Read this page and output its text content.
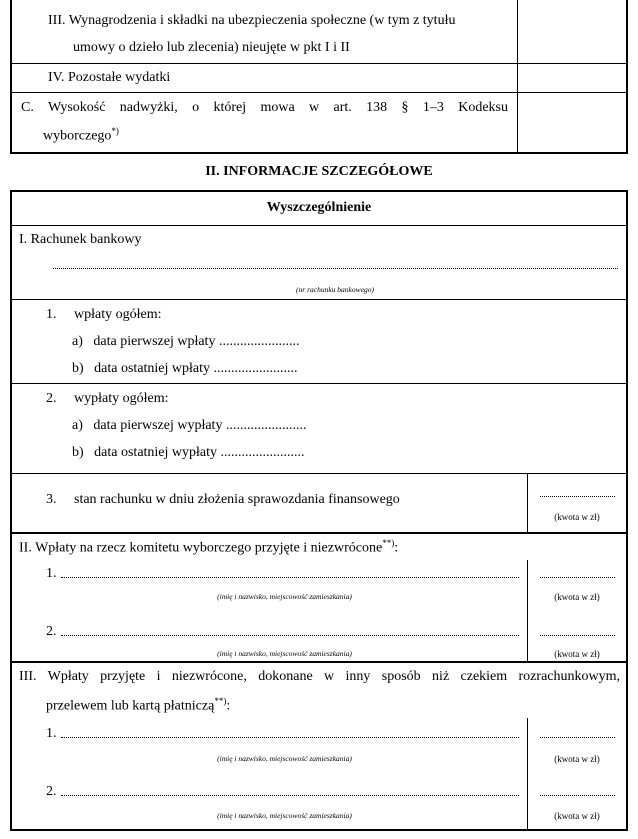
III. Wynagrodzenia i składki na ubezpieczenia społeczne (w tym z tytułu
umowy o dzieło lub zlecenia) nieujęte w pkt I i II
IV. Pozostałe wydatki
C. Wysokość nadwyżki, o której mowa w art. 138 § 1–3 Kodeksu
wyborczego*)
II. INFORMACJE SZCZEGÓŁOWE
Wyszczególnienie
I. Rachunek bankowy
(nr rachunku bankowego)
1.     wpłaty ogółem:
a)   data pierwszej wpłaty .......................
b)   data ostatniej wpłaty ........................
2.     wypłaty ogółem:
a)   data pierwszej wypłaty .......................
b)   data ostatniej wypłaty ........................
3.     stan rachunku w dniu złożenia sprawozdania finansowego
(kwota w zł)
II. Wpłaty na rzecz komitetu wyborczego przyjęte i niezwrócone**):
1.
(imię i nazwisko, miejscowość zamieszkania)	(kwota w zł)
2.
(imię i nazwisko, miejscowość zamieszkania)	(kwota w zł)
III. Wpłaty przyjęte i niezwrócone, dokonane w inny sposób niż czekiem rozrachunkowym,
przelewem lub kartą płatniczą**):
1.
(imię i nazwisko, miejscowość zamieszkania)	(kwota w zł)
2.
(imię i nazwisko, miejscowość zamieszkania)	(kwota w zł)
